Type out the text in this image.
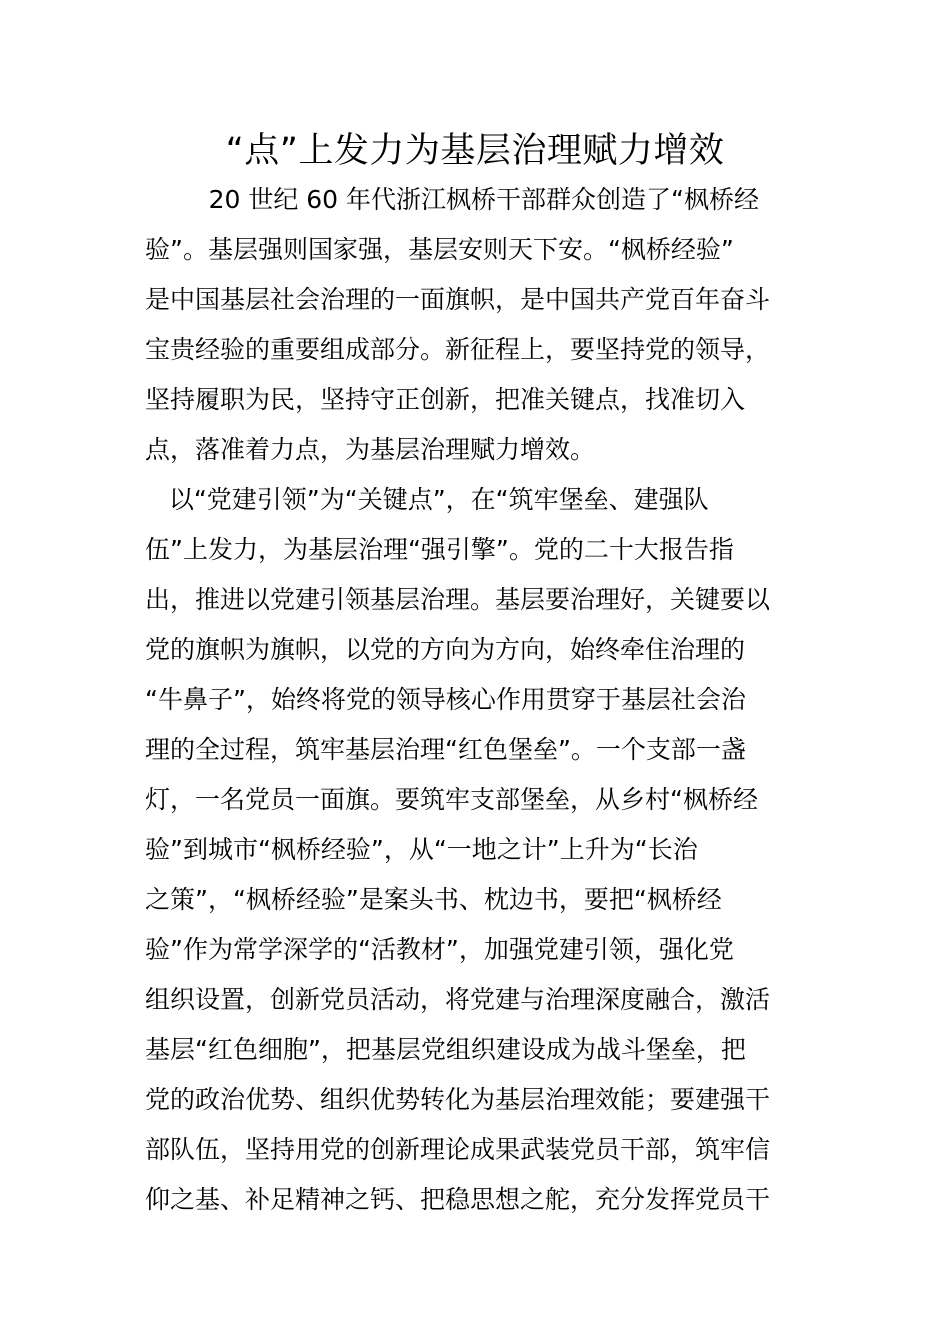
“点”上发力为基层治理赋力增效
20 世纪 60 年代浙江枫桥干部群众创造了“枫桥经
验”。基层强则国家强，基层安则天下安。“枫桥经验”
是中国基层社会治理的一面旗帜，是中国共产党百年奋斗
宝贵经验的重要组成部分。新征程上，要坚持党的领导，
坚持履职为民，坚持守正创新，把准关键点，找准切入
点，落准着力点，为基层治理赋力增效。
以“党建引领”为“关键点”，在“筑牢堡垒、建强队
伍”上发力，为基层治理“强引擎”。党的二十大报告指
出，推进以党建引领基层治理。基层要治理好，关键要以
党的旗帜为旗帜，以党的方向为方向，始终牵住治理的
“牛鼻子”，始终将党的领导核心作用贯穿于基层社会治
理的全过程，筑牢基层治理“红色堡垒”。一个支部一盏
灯，一名党员一面旗。要筑牢支部堡垒，从乡村“枫桥经
验”到城市“枫桥经验”，从“一地之计”上升为“长治
之策”，“枫桥经验”是案头书、枕边书，要把“枫桥经
验”作为常学深学的“活教材”，加强党建引领，强化党
组织设置，创新党员活动，将党建与治理深度融合，激活
基层“红色细胞”，把基层党组织建设成为战斗堡垒，把
党的政治优势、组织优势转化为基层治理效能；要建强干
部队伍，坚持用党的创新理论成果武装党员干部，筑牢信
仰之基、补足精神之钙、把稳思想之舵，充分发挥党员干
